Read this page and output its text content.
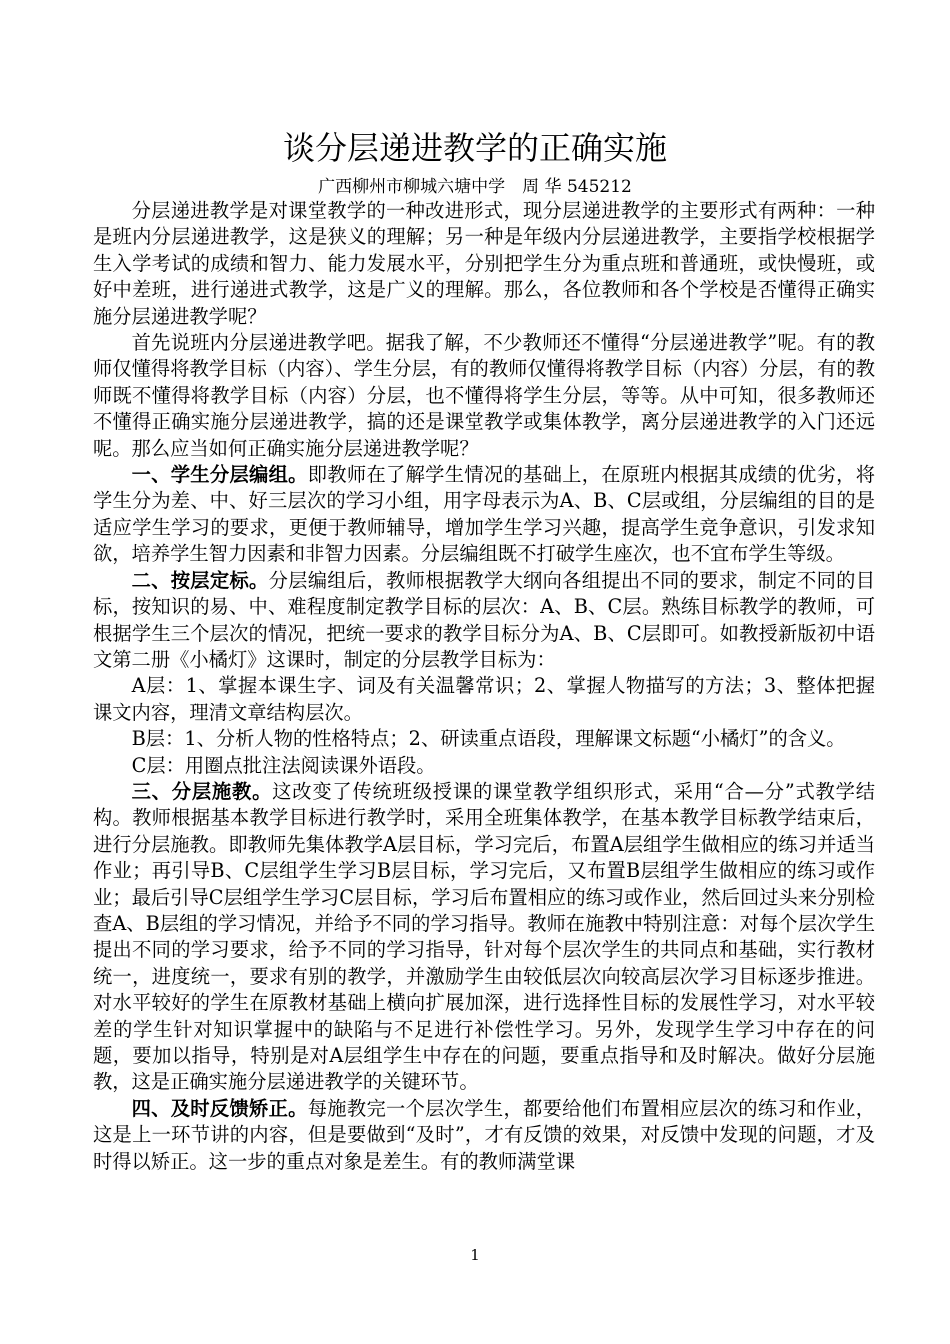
谈分层递进教学的正确实施
广西柳州市柳城六塘中学　周 华 545212

分层递进教学是对课堂教学的一种改进形式，现分层递进教学的主要形式有两种：一种是班内分层递进教学，这是狭义的理解；另一种是年级内分层递进教学，主要指学校根据学生入学考试的成绩和智力、能力发展水平，分别把学生分为重点班和普通班，或快慢班，或好中差班，进行递进式教学，这是广义的理解。那么，各位教师和各个学校是否懂得正确实施分层递进教学呢？

首先说班内分层递进教学吧。据我了解，不少教师还不懂得“分层递进教学”呢。有的教师仅懂得将教学目标（内容）、学生分层，有的教师仅懂得将教学目标（内容）分层，有的教师既不懂得将教学目标（内容）分层，也不懂得将学生分层，等等。从中可知，很多教师还不懂得正确实施分层递进教学，搞的还是课堂教学或集体教学，离分层递进教学的入门还远呢。那么应当如何正确实施分层递进教学呢？

一、学生分层编组。即教师在了解学生情况的基础上，在原班内根据其成绩的优劣，将学生分为差、中、好三层次的学习小组，用字母表示为A、B、C层或组，分层编组的目的是适应学生学习的要求，更便于教师辅导，增加学生学习兴趣，提高学生竞争意识，引发求知欲，培养学生智力因素和非智力因素。分层编组既不打破学生座次，也不宜布学生等级。

二、按层定标。分层编组后，教师根据教学大纲向各组提出不同的要求，制定不同的目标，按知识的易、中、难程度制定教学目标的层次：A、B、C层。熟练目标教学的教师，可根据学生三个层次的情况，把统一要求的教学目标分为A、B、C层即可。如教授新版初中语文第二册《小橘灯》这课时，制定的分层教学目标为：

A层：1、掌握本课生字、词及有关温馨常识；2、掌握人物描写的方法；3、整体把握课文内容，理清文章结构层次。

B层：1、分析人物的性格特点；2、研读重点语段，理解课文标题“小橘灯”的含义。

C层：用圈点批注法阅读课外语段。

三、分层施教。这改变了传统班级授课的课堂教学组织形式，采用“合—分”式教学结构。教师根据基本教学目标进行教学时，采用全班集体教学，在基本教学目标教学结束后，进行分层施教。即教师先集体教学A层目标，学习完后，布置A层组学生做相应的练习并适当作业；再引导B、C层组学生学习B层目标，学习完后，又布置B层组学生做相应的练习或作业；最后引导C层组学生学习C层目标，学习后布置相应的练习或作业，然后回过头来分别检查A、B层组的学习情况，并给予不同的学习指导。教师在施教中特别注意：对每个层次学生提出不同的学习要求，给予不同的学习指导，针对每个层次学生的共同点和基础，实行教材统一，进度统一，要求有别的教学，并激励学生由较低层次向较高层次学习目标逐步推进。对水平较好的学生在原教材基础上横向扩展加深，进行选择性目标的发展性学习，对水平较差的学生针对知识掌握中的缺陷与不足进行补偿性学习。另外，发现学生学习中存在的问题，要加以指导，特别是对A层组学生中存在的问题，要重点指导和及时解决。做好分层施教，这是正确实施分层递进教学的关键环节。

四、及时反馈矫正。每施教完一个层次学生，都要给他们布置相应层次的练习和作业，这是上一环节讲的内容，但是要做到“及时”，才有反馈的效果，对反馈中发现的问题，才及时得以矫正。这一步的重点对象是差生。有的教师满堂课

1
